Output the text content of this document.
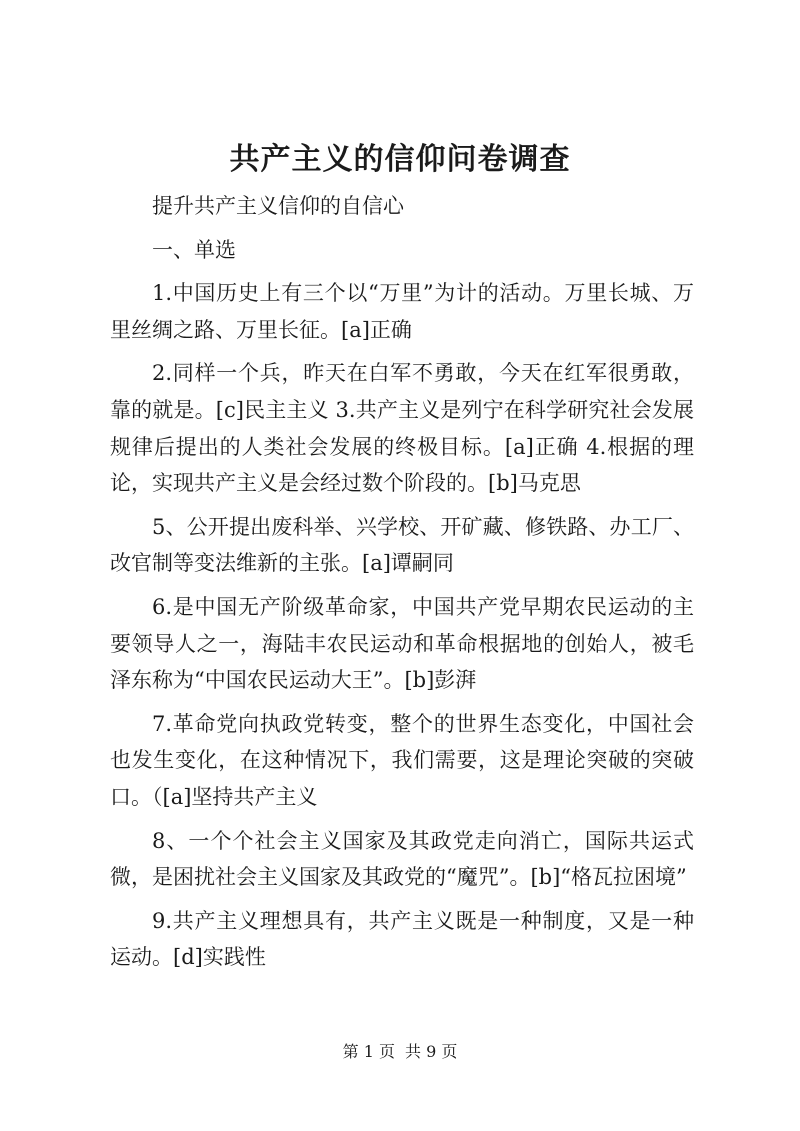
共产主义的信仰问卷调查

提升共产主义信仰的自信心

一、单选

1.中国历史上有三个以“万里”为计的活动。万里长城、万里丝绸之路、万里长征。[a]正确

2.同样一个兵，昨天在白军不勇敢，今天在红军很勇敢，靠的就是。[c]民主主义 3.共产主义是列宁在科学研究社会发展规律后提出的人类社会发展的终极目标。[a]正确 4.根据的理论，实现共产主义是会经过数个阶段的。[b]马克思

5、公开提出废科举、兴学校、开矿藏、修铁路、办工厂、改官制等变法维新的主张。[a]谭嗣同

6.是中国无产阶级革命家，中国共产党早期农民运动的主要领导人之一，海陆丰农民运动和革命根据地的创始人，被毛泽东称为“中国农民运动大王”。[b]彭湃

7.革命党向执政党转变，整个的世界生态变化，中国社会也发生变化，在这种情况下，我们需要，这是理论突破的突破口。（[a]坚持共产主义

8、一个个社会主义国家及其政党走向消亡，国际共运式微，是困扰社会主义国家及其政党的“魔咒”。[b]“格瓦拉困境”

9.共产主义理想具有，共产主义既是一种制度，又是一种运动。[d]实践性

第 1 页 共 9 页
